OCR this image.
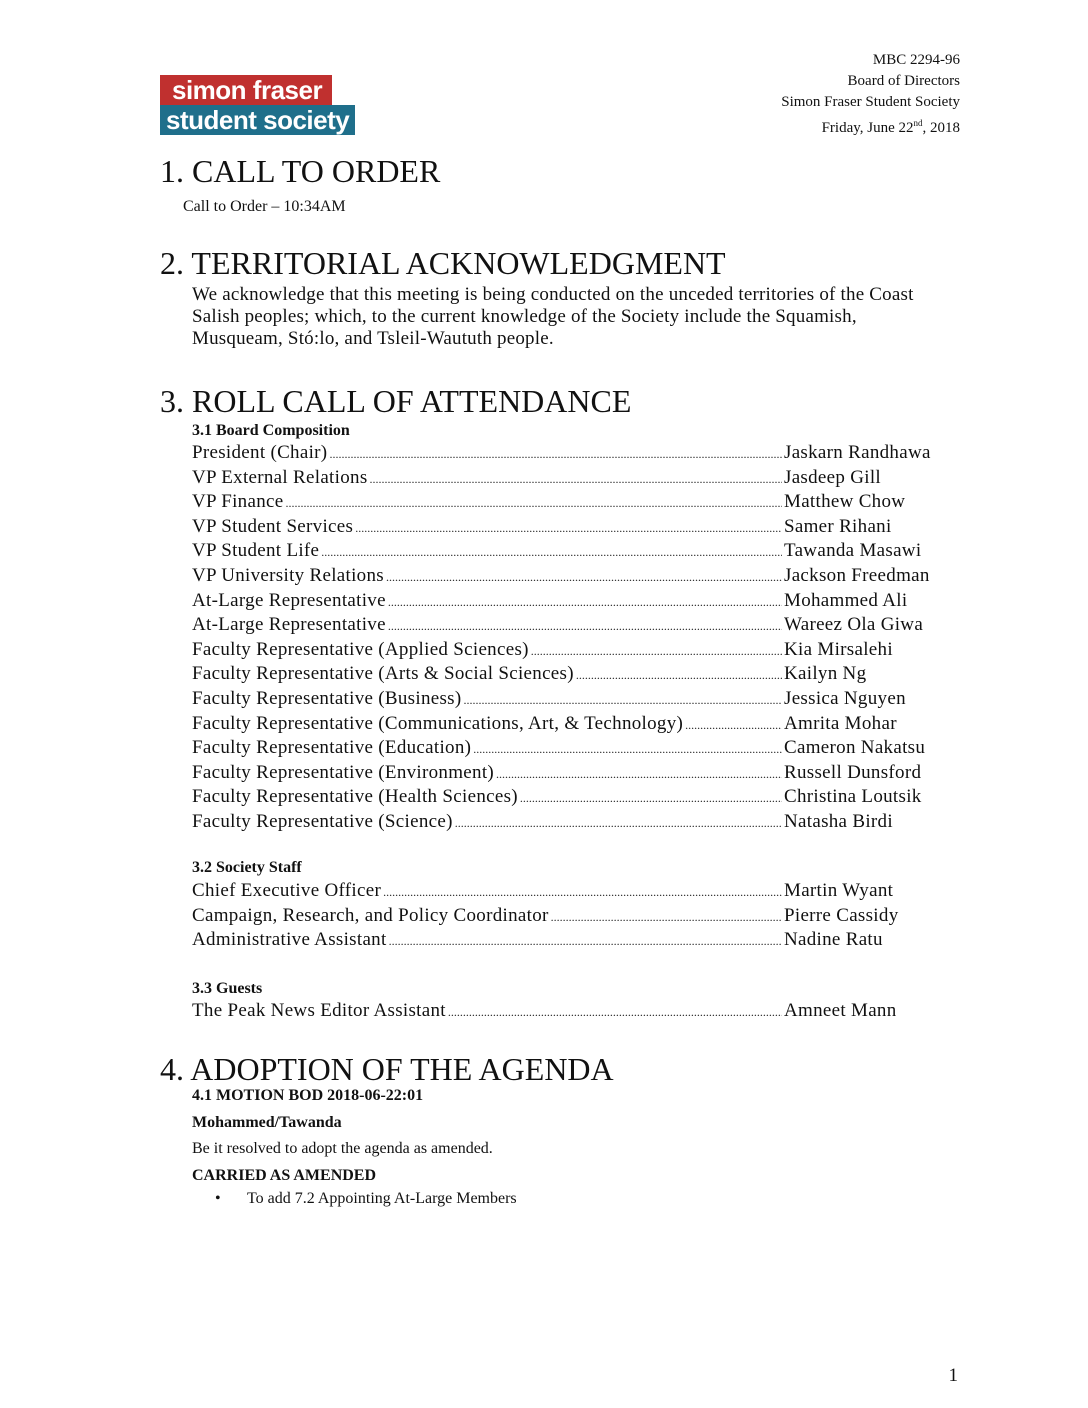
simon fraser
student society
MBC 2294-96
Board of Directors
Simon Fraser Student Society
Friday, June 22nd, 2018
1. CALL TO ORDER
Call to Order – 10:34AM
2. TERRITORIAL ACKNOWLEDGMENT
We acknowledge that this meeting is being conducted on the unceded territories of the Coast Salish peoples; which, to the current knowledge of the Society include the Squamish, Musqueam, Stó:lo, and Tsleil-Waututh people.
3. ROLL CALL OF ATTENDANCE
3.1 Board Composition
President (Chair) .....	Jaskarn Randhawa
VP External Relations .....	Jasdeep Gill
VP Finance .....	Matthew Chow
VP Student Services .....	Samer Rihani
VP Student Life .....	Tawanda Masawi
VP University Relations .....	Jackson Freedman
At-Large Representative .....	Mohammed Ali
At-Large Representative .....	Wareez Ola Giwa
Faculty Representative (Applied Sciences) .....	Kia Mirsalehi
Faculty Representative (Arts & Social Sciences) .....	Kailyn Ng
Faculty Representative (Business) .....	Jessica Nguyen
Faculty Representative (Communications, Art, & Technology) .....	Amrita Mohar
Faculty Representative (Education) .....	Cameron Nakatsu
Faculty Representative (Environment) .....	Russell Dunsford
Faculty Representative (Health Sciences) .....	Christina Loutsik
Faculty Representative (Science) .....	Natasha Birdi
3.2 Society Staff
Chief Executive Officer .....	Martin Wyant
Campaign, Research, and Policy Coordinator .....	Pierre Cassidy
Administrative Assistant .....	Nadine Ratu
3.3 Guests
The Peak News Editor Assistant .....	Amneet Mann
4. ADOPTION OF THE AGENDA
4.1 MOTION BOD 2018-06-22:01
Mohammed/Tawanda
Be it resolved to adopt the agenda as amended.
CARRIED AS AMENDED
• To add 7.2 Appointing At-Large Members
1
